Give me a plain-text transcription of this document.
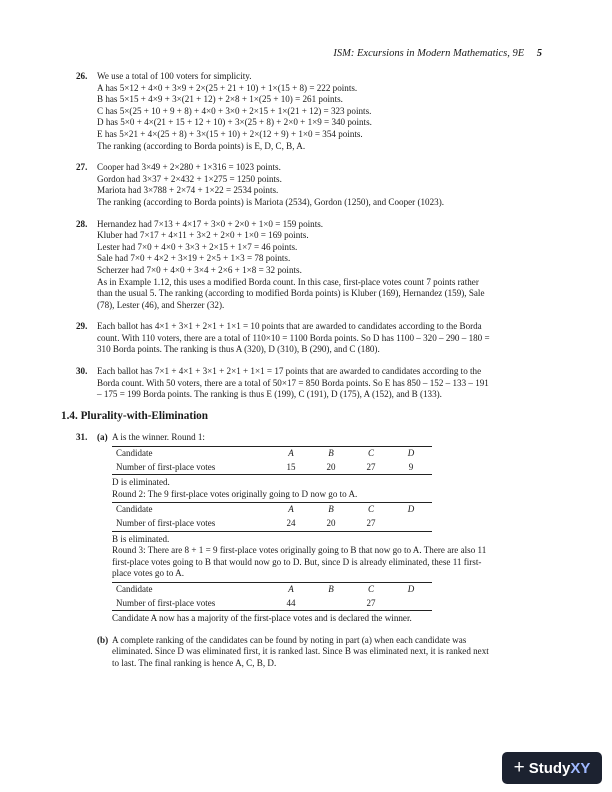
ISM: Excursions in Modern Mathematics, 9E 5
26.	We use a total of 100 voters for simplicity.
A has 5×12 + 4×0 + 3×9 + 2×(25 + 21 + 10) + 1×(15 + 8) = 222 points.
B has 5×15 + 4×9 + 3×(21 + 12) + 2×8 + 1×(25 + 10) = 261 points.
C has 5×(25 + 10 + 9 + 8) + 4×0 + 3×0 + 2×15 + 1×(21 + 12) = 323 points.
D has 5×0 + 4×(21 + 15 + 12 + 10) + 3×(25 + 8) + 2×0 + 1×9 = 340 points.
E has 5×21 + 4×(25 + 8) + 3×(15 + 10) + 2×(12 + 9) + 1×0 = 354 points.
The ranking (according to Borda points) is E, D, C, B, A.
27.	Cooper had 3×49 + 2×280 + 1×316 = 1023 points.
Gordon had 3×37 + 2×432 + 1×275 = 1250 points.
Mariota had 3×788 + 2×74 + 1×22 = 2534 points.
The ranking (according to Borda points) is Mariota (2534), Gordon (1250), and Cooper (1023).
28.	Hernandez had 7×13 + 4×17 + 3×0 + 2×0 + 1×0 = 159 points.
Kluber had 7×17 + 4×11 + 3×2 + 2×0 + 1×0 = 169 points.
Lester had 7×0 + 4×0 + 3×3 + 2×15 + 1×7 = 46 points.
Sale had 7×0 + 4×2 + 3×19 + 2×5 + 1×3 = 78 points.
Scherzer had 7×0 + 4×0 + 3×4 + 2×6 + 1×8 = 32 points.
As in Example 1.12, this uses a modified Borda count. In this case, first-place votes count 7 points rather
than the usual 5. The ranking (according to modified Borda points) is Kluber (169), Hernandez (159), Sale
(78), Lester (46), and Sherzer (32).
29.	Each ballot has 4×1 + 3×1 + 2×1 + 1×1 = 10 points that are awarded to candidates according to the Borda
count. With 110 voters, there are a total of 110×10 = 1100 Borda points. So D has 1100 – 320 – 290 – 180 =
310 Borda points. The ranking is thus A (320), D (310), B (290), and C (180).
30.	Each ballot has 7×1 + 4×1 + 3×1 + 2×1 + 1×1 = 17 points that are awarded to candidates according to the
Borda count. With 50 voters, there are a total of 50×17 = 850 Borda points. So E has 850 – 152 – 133 – 191
– 175 = 199 Borda points. The ranking is thus E (199), C (191), D (175), A (152), and B (133).
1.4. Plurality-with-Elimination
31.	(a) A is the winner. Round 1:
Candidate	A	B	C	D
Number of first-place votes	15	20	27	9
D is eliminated.
Round 2: The 9 first-place votes originally going to D now go to A.
Candidate	A	B	C	D
Number of first-place votes	24	20	27	
B is eliminated.
Round 3: There are 8 + 1 = 9 first-place votes originally going to B that now go to A. There are also 11
first-place votes going to B that would now go to D. But, since D is already eliminated, these 11 first-
place votes go to A.
Candidate	A	B	C	D
Number of first-place votes	44		27	
Candidate A now has a majority of the first-place votes and is declared the winner.
(b) A complete ranking of the candidates can be found by noting in part (a) when each candidate was
eliminated. Since D was eliminated first, it is ranked last. Since B was eliminated next, it is ranked next
to last. The final ranking is hence A, C, B, D.
+ Study XY
